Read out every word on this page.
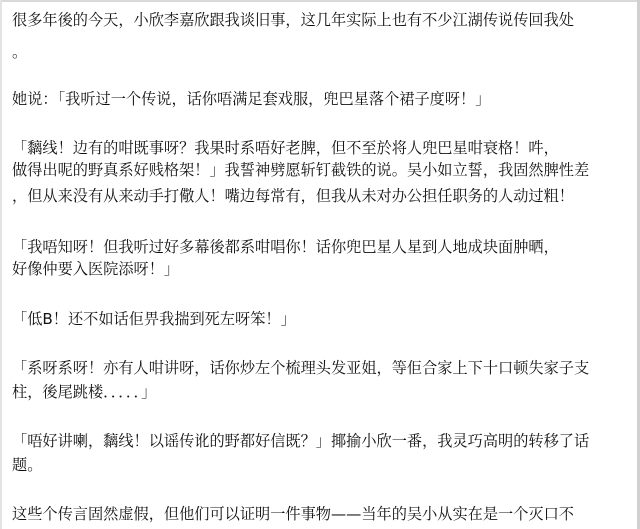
很多年後的今天，小欣李嘉欣跟我谈旧事，这几年实际上也有不少江湖传说传回我处
。
她说：「我听过一个传说，话你唔满足套戏服，兜巴星落个裙子度呀！」
「黐线！边有的咁既事呀？我果时系唔好老脾，但不至於将人兜巴星咁衰格！吽，
做得出呢的野真系好贱格架！」我誓神劈愿斩钉截铁的说。吴小如立誓，我固然脾性差
，但从来没有从来动手打儆人！嘴边每常有，但我从未对办公担任职务的人动过粗！
「我唔知呀！但我听过好多幕後都系咁唱你！话你兜巴星人星到人地成块面肿晒，
好像仲要入医院添呀！」
「低B！还不如话佢畀我揣到死左呀笨！」
「系呀系呀！亦有人咁讲呀，话你炒左个梳理头发亚姐，等佢合家上下十口顿失家子支
柱，後尾跳楼．．．．．」
「唔好讲喇，黐线！以谣传讹的野都好信既？」揶揄小欣一番，我灵巧高明的转移了话
题。
这些个传言固然虚假，但他们可以证明一件事物——当年的吴小从实在是一个灭口不
